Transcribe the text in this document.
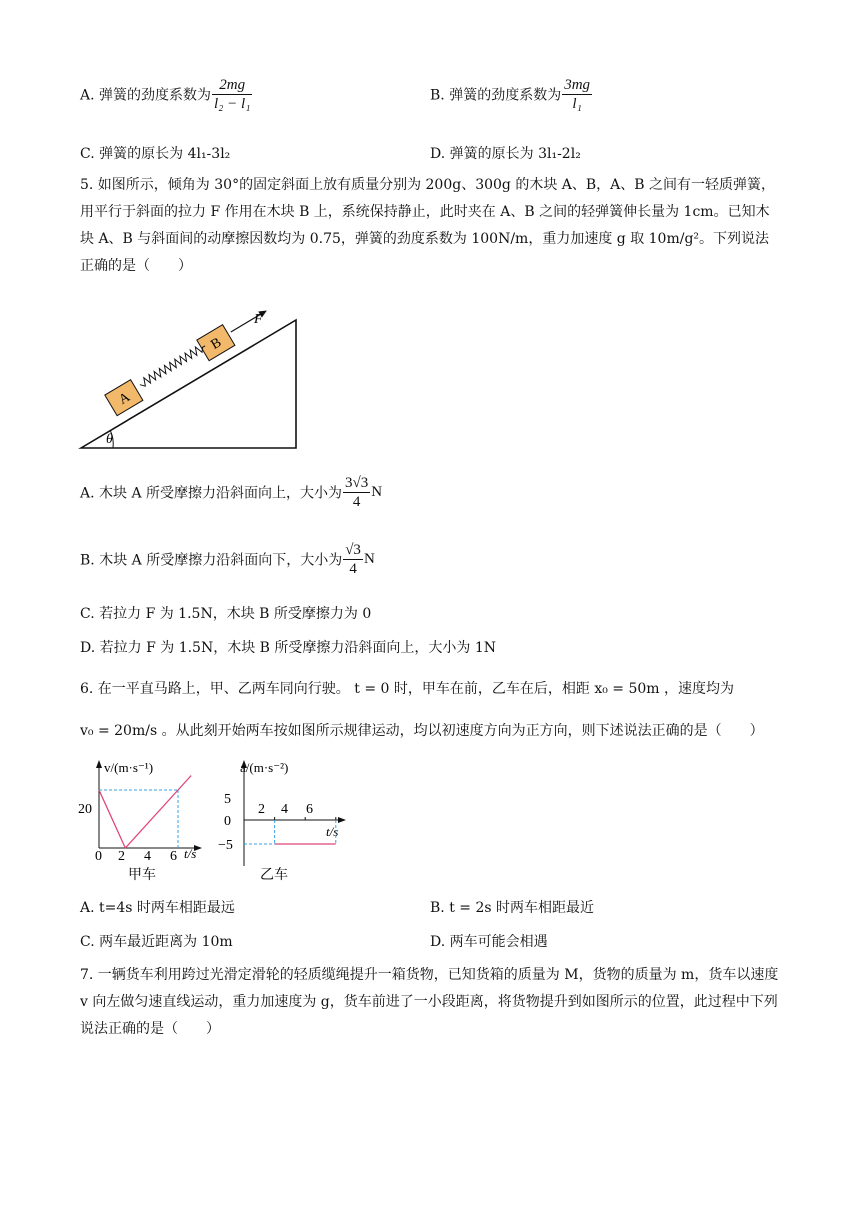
A. 弹簧的劲度系数为 $\frac{2mg}{\text{l₂ − l₁}}$	B. 弹簧的劲度系数为 $\frac{3mg}{\text{l₁}}$
C. 弹簧的原长为 4l₁-3l₂	D. 弹簧的原长为 3l₁-2l₂
5. 如图所示，倾角为 30°的固定斜面上放有质量分别为 200g、300g 的木块 A、B，A、B 之间有一轻质弹簧，用平行于斜面的拉力 F 作用在木块 B 上，系统保持静止，此时夹在 A、B 之间的轻弹簧伸长量为 1cm。已知木块 A、B 与斜面间的动摩擦因数均为 0.75，弹簧的劲度系数为 100N/m，重力加速度 g 取 10m/g²。下列说法正确的是（　　）
θ
A
B
F
A. 木块 A 所受摩擦力沿斜面向上，大小为 $\frac{3√3}{4}$ N
B. 木块 A 所受摩擦力沿斜面向下，大小为 $\frac{√3}{4}$ N
C. 若拉力 F 为 1.5N，木块 B 所受摩擦力为 0
D. 若拉力 F 为 1.5N，木块 B 所受摩擦力沿斜面向上，大小为 1N
6. 在一平直马路上，甲、乙两车同向行驶。 t = 0 时，甲车在前，乙车在后，相距 x₀ = 50m ，速度均为
v₀ = 20m/s 。从此刻开始两车按如图所示规律运动，均以初速度方向为正方向，则下述说法正确的是（　　）
v/(m·s⁻¹)
t/s
20
0 2 4 6
甲车
a/(m·s⁻²)
t/s
5
0
−5
2 4 6
乙车
A. t=4s 时两车相距最远	B. t = 2s 时两车相距最近
C. 两车最近距离为 10m	D. 两车可能会相遇
7. 一辆货车利用跨过光滑定滑轮的轻质缆绳提升一箱货物，已知货箱的质量为 M，货物的质量为 m，货车以速度 v 向左做匀速直线运动，重力加速度为 g，货车前进了一小段距离，将货物提升到如图所示的位置，此过程中下列说法正确的是（　　）
